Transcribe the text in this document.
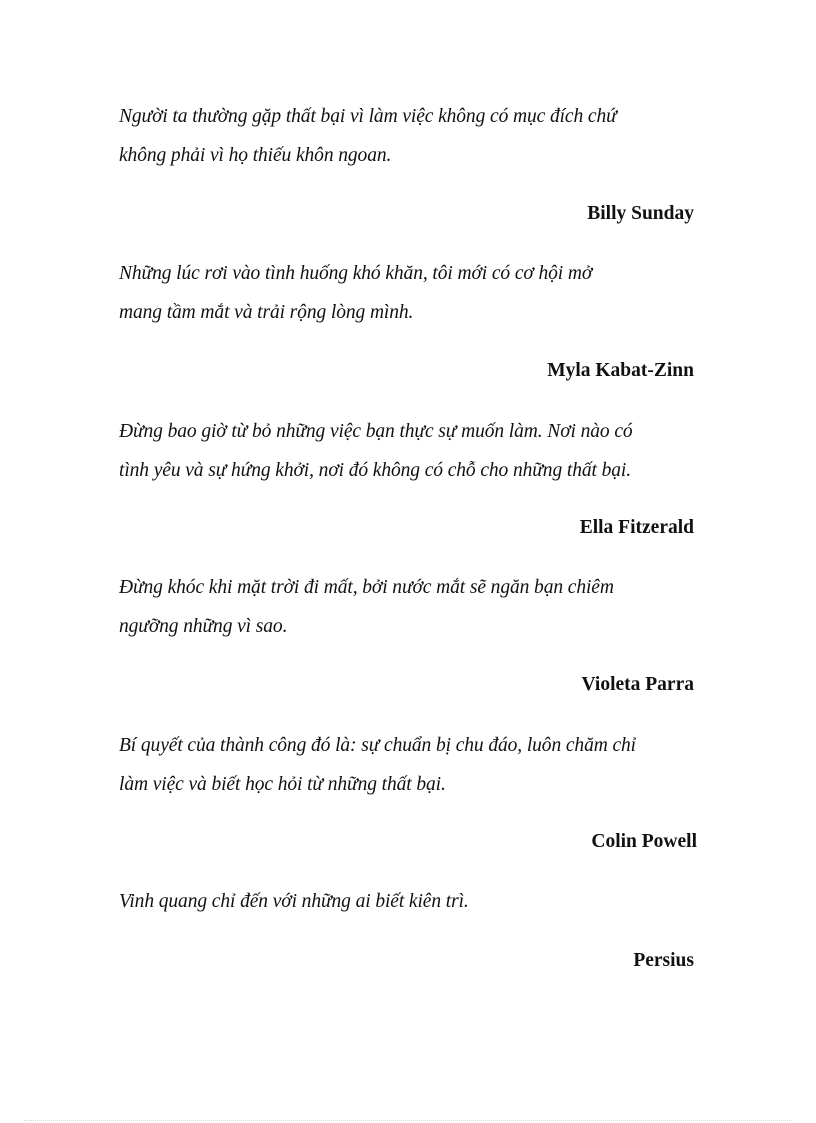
Người ta thường gặp thất bại vì làm việc không có mục đích chứ
không phải vì họ thiếu khôn ngoan.
Billy Sunday
Những lúc rơi vào tình huống khó khăn, tôi mới có cơ hội mở
mang tầm mắt và trải rộng lòng mình.
Myla Kabat-Zinn
Đừng bao giờ từ bỏ những việc bạn thực sự muốn làm. Nơi nào có
tình yêu và sự hứng khởi, nơi đó không có chỗ cho những thất bại.
Ella Fitzerald
Đừng khóc khi mặt trời đi mất, bởi nước mắt sẽ ngăn bạn chiêm
ngưỡng những vì sao.
Violeta Parra
Bí quyết của thành công đó là: sự chuẩn bị chu đáo, luôn chăm chỉ
làm việc và biết học hỏi từ những thất bại.
Colin Powell
Vinh quang chỉ đến với những ai biết kiên trì.
Persius
